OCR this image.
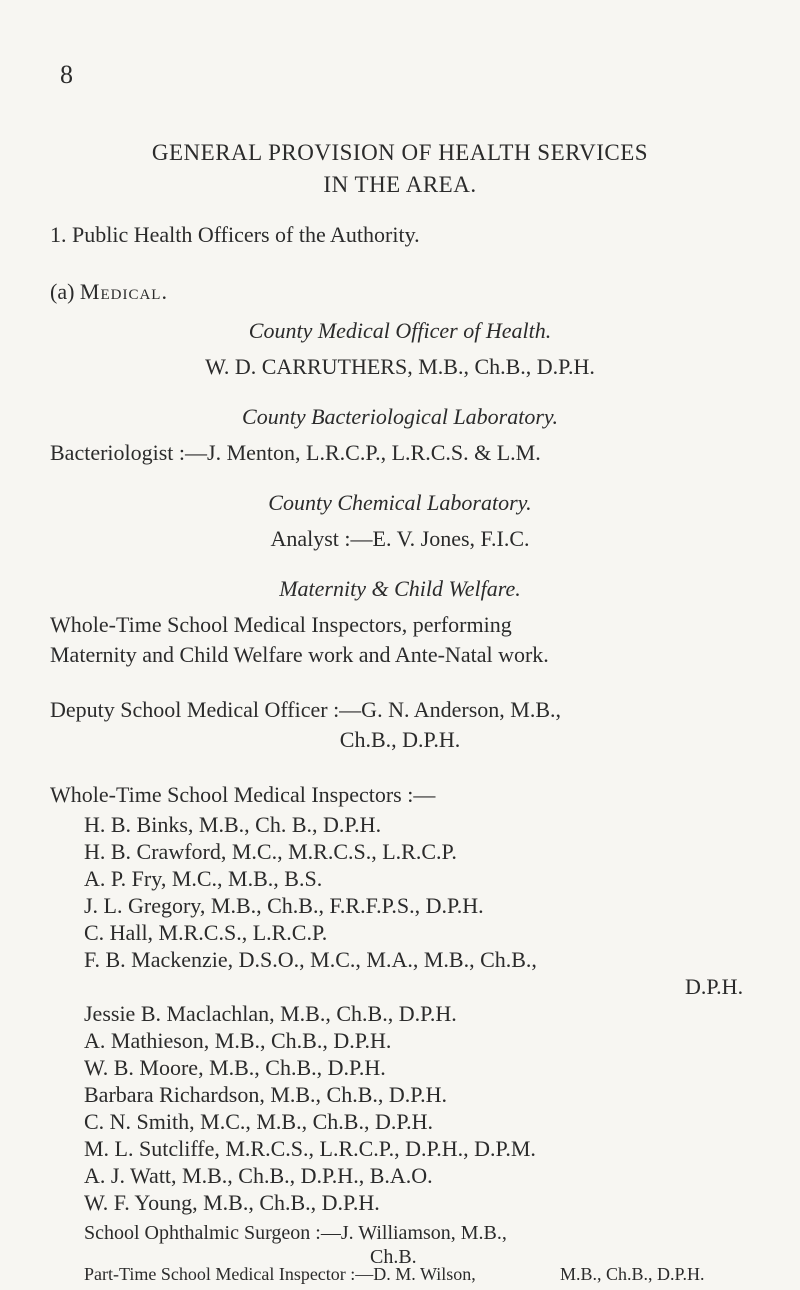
8
GENERAL PROVISION OF HEALTH SERVICES
IN THE AREA.
1. Public Health Officers of the Authority.
(a) Medical.
County Medical Officer of Health.
W. D. CARRUTHERS, M.B., Ch.B., D.P.H.
County Bacteriological Laboratory.
Bacteriologist :—J. Menton, L.R.C.P., L.R.C.S. & L.M.
County Chemical Laboratory.
Analyst :—E. V. Jones, F.I.C.
Maternity & Child Welfare.
Whole-Time School Medical Inspectors, performing
Maternity and Child Welfare work and Ante-Natal work.
Deputy School Medical Officer :—G. N. Anderson, M.B.,
Ch.B., D.P.H.
Whole-Time School Medical Inspectors :—
H. B. Binks, M.B., Ch. B., D.P.H.
H. B. Crawford, M.C., M.R.C.S., L.R.C.P.
A. P. Fry, M.C., M.B., B.S.
J. L. Gregory, M.B., Ch.B., F.R.F.P.S., D.P.H.
C. Hall, M.R.C.S., L.R.C.P.
F. B. Mackenzie, D.S.O., M.C., M.A., M.B., Ch.B.,
D.P.H.
Jessie B. Maclachlan, M.B., Ch.B., D.P.H.
A. Mathieson, M.B., Ch.B., D.P.H.
W. B. Moore, M.B., Ch.B., D.P.H.
Barbara Richardson, M.B., Ch.B., D.P.H.
C. N. Smith, M.C., M.B., Ch.B., D.P.H.
M. L. Sutcliffe, M.R.C.S., L.R.C.P., D.P.H., D.P.M.
A. J. Watt, M.B., Ch.B., D.P.H., B.A.O.
W. F. Young, M.B., Ch.B., D.P.H.
School Ophthalmic Surgeon :—J. Williamson, M.B.,
Ch.B.
Part-Time School Medical Inspector :—D. M. Wilson,	M.B., Ch.B., D.P.H.
